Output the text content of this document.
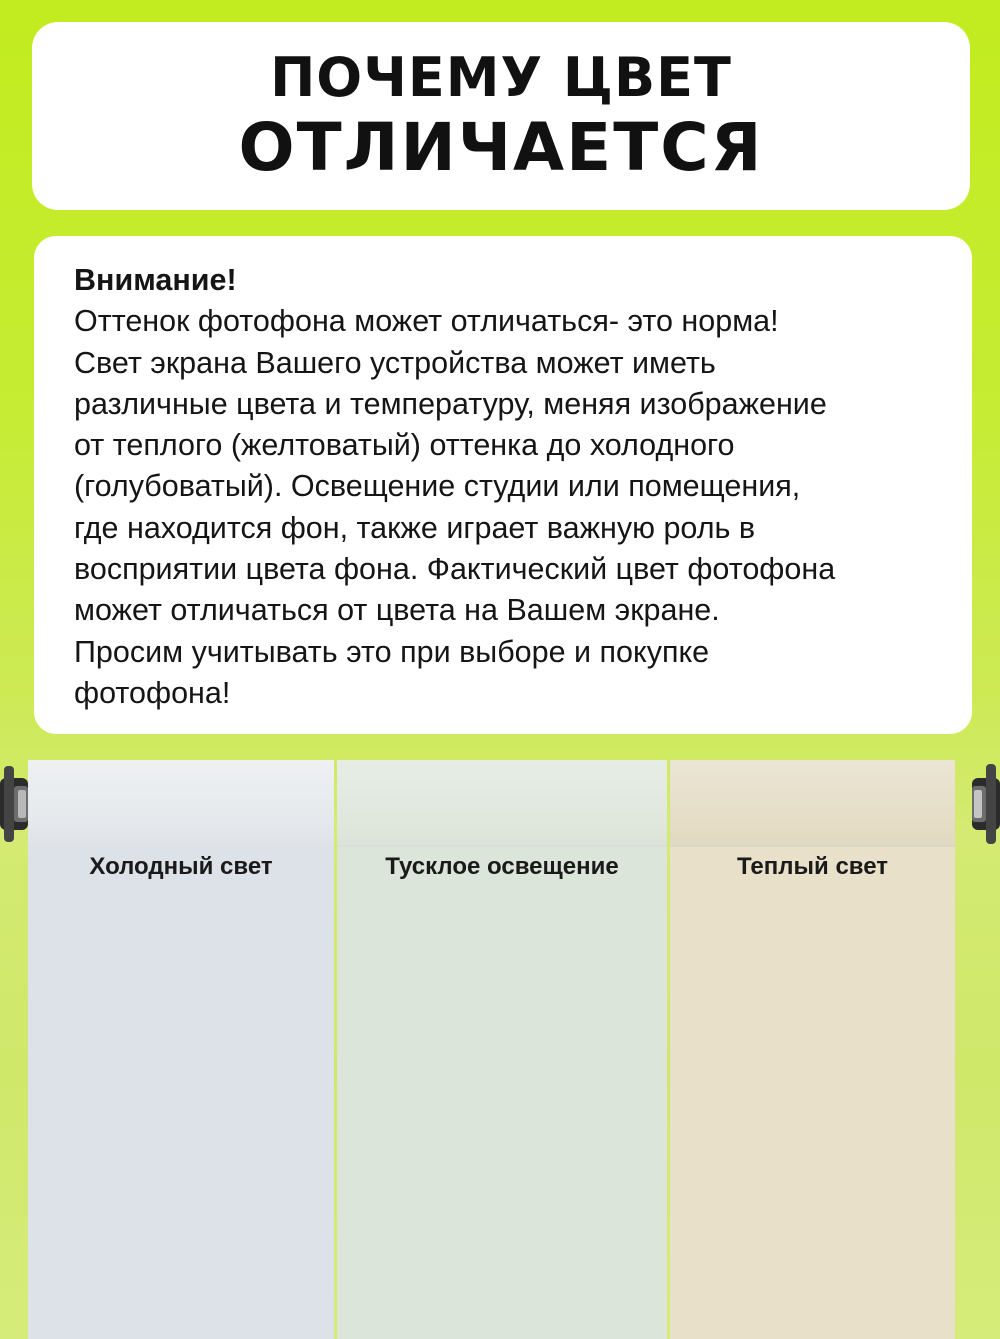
ПОЧЕМУ ЦВЕТ
ОТЛИЧАЕТСЯ
Внимание!
Оттенок фотофона может отличаться- это норма!
Свет экрана Вашего устройства может иметь
различные цвета и температуру, меняя изображение
от теплого (желтоватый) оттенка до холодного
(голубоватый). Освещение студии или помещения,
где находится фон, также играет важную роль в
восприятии цвета фона. Фактический цвет фотофона
может отличаться от цвета на Вашем экране.
Просим учитывать это при выборе и покупке
фотофона!
Холодный свет	Тусклое освещение	Теплый свет
